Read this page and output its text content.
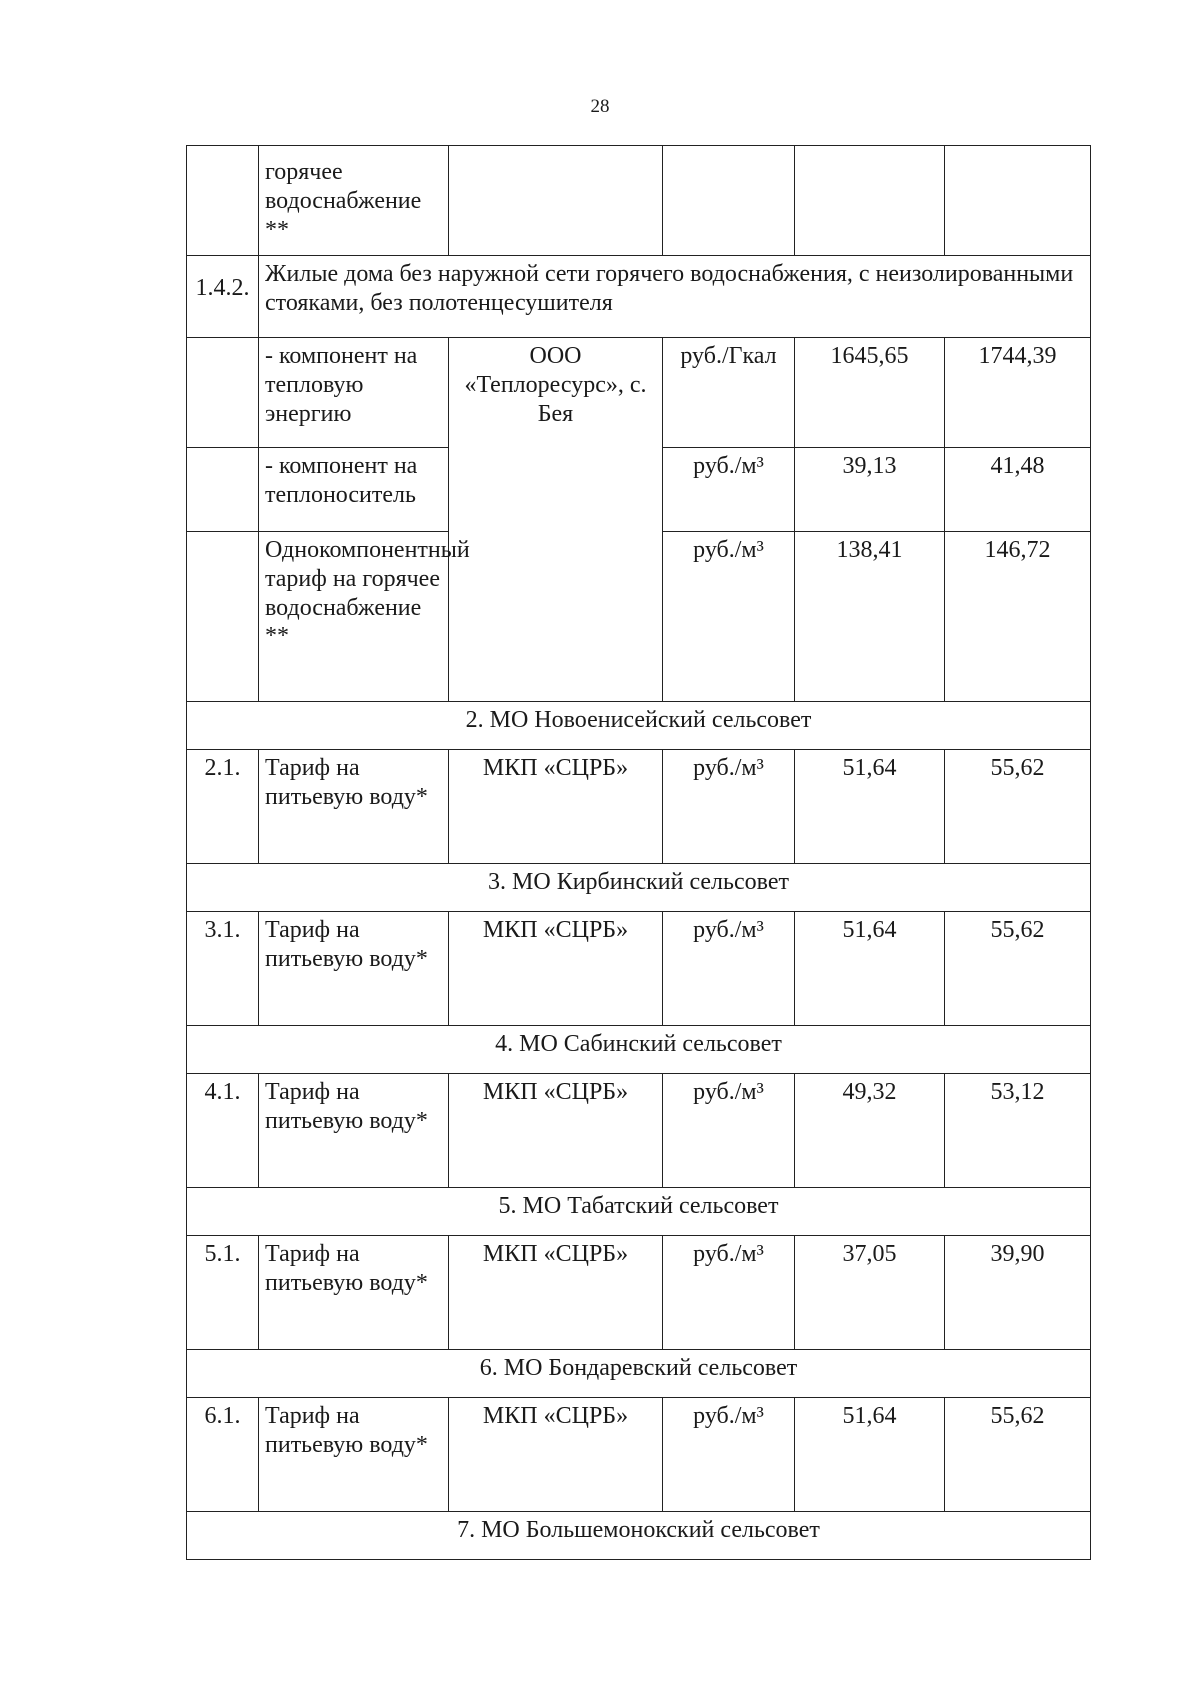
28
	горячее водоснабжение **				
1.4.2.	Жилые дома без наружной сети горячего водоснабжения, с неизолированными стояками, без полотенцесушителя				
	- компонент на тепловую энергию	ООО «Теплоресурс», с. Бея	руб./Гкал	1645,65	1744,39
	- компонент на теплоноситель		руб./м³	39,13	41,48
	Однокомпонентный тариф на горячее водоснабжение **		руб./м³	138,41	146,72
2. МО Новоенисейский сельсовет					
2.1.	Тариф на питьевую воду*	МКП «СЦРБ»	руб./м³	51,64	55,62
3. МО Кирбинский сельсовет					
3.1.	Тариф на питьевую воду*	МКП «СЦРБ»	руб./м³	51,64	55,62
4. МО Сабинский сельсовет					
4.1.	Тариф на питьевую воду*	МКП «СЦРБ»	руб./м³	49,32	53,12
5. МО Табатский сельсовет					
5.1.	Тариф на питьевую воду*	МКП «СЦРБ»	руб./м³	37,05	39,90
6. МО Бондаревский сельсовет					
6.1.	Тариф на питьевую воду*	МКП «СЦРБ»	руб./м³	51,64	55,62
7. МО Большемонокский сельсовет					
